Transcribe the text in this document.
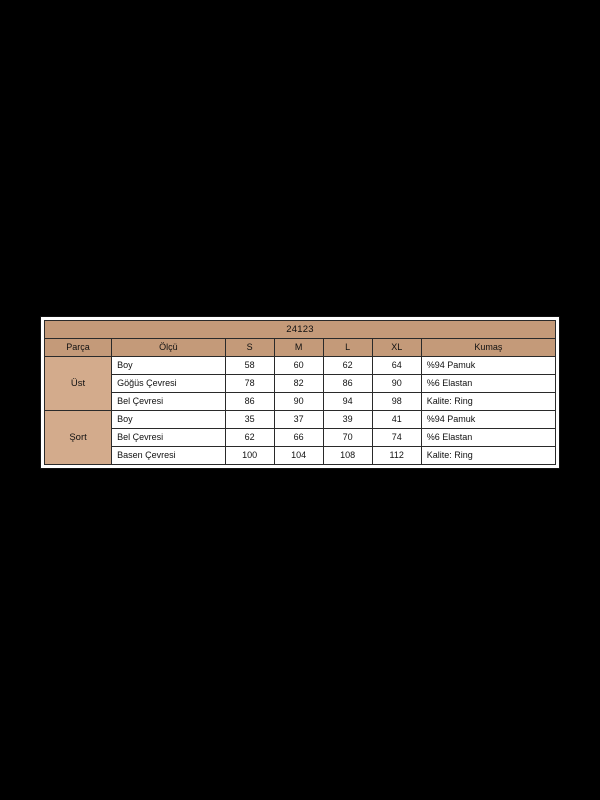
24123						
Parça	Ölçü	S	M	L	XL	Kumaş
Üst	Boy	58	60	62	64	%94 Pamuk
	Göğüs Çevresi	78	82	86	90	%6 Elastan
	Bel Çevresi	86	90	94	98	Kalite: Ring
Şort	Boy	35	37	39	41	%94 Pamuk
	Bel Çevresi	62	66	70	74	%6 Elastan
	Basen Çevresi	100	104	108	112	Kalite: Ring
